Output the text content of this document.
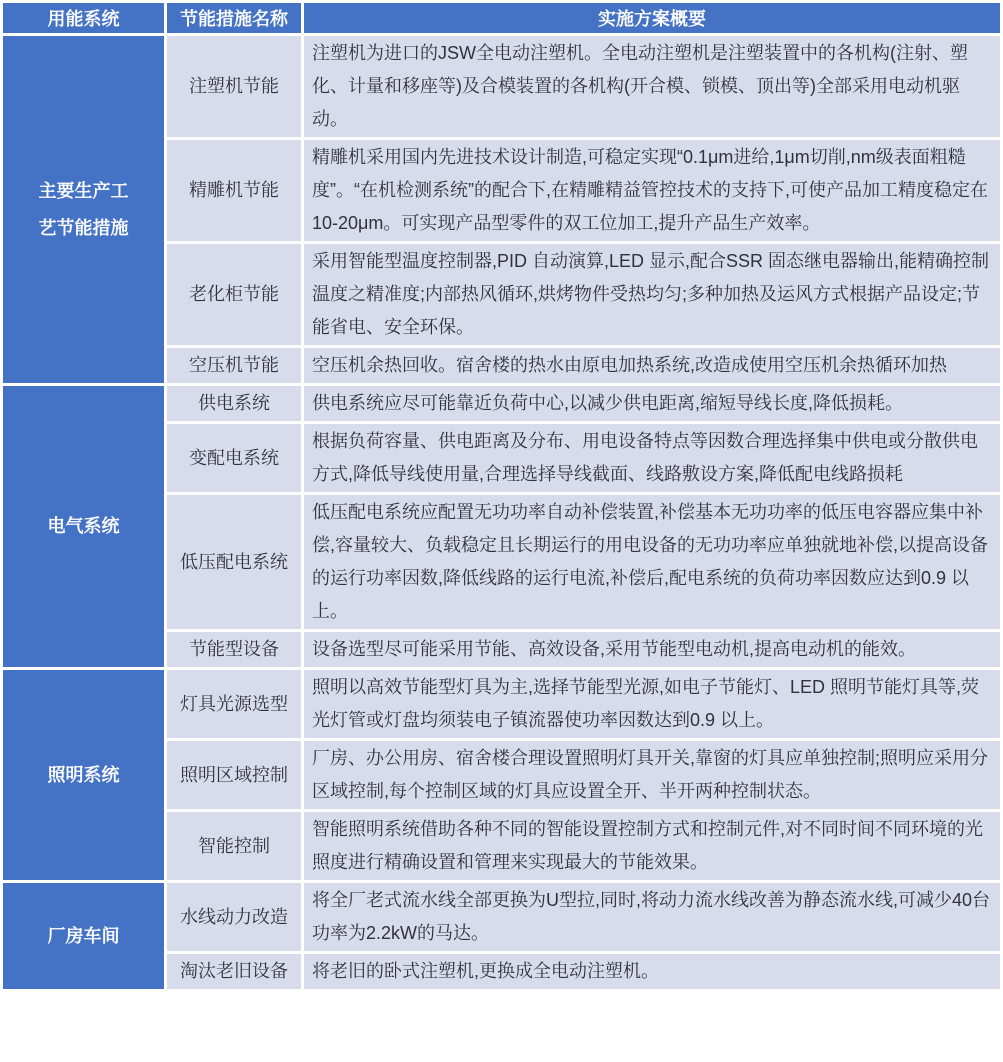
用能系统	节能措施名称	实施方案概要
主要生产工艺节能措施	注塑机节能	注塑机为进口的JSW全电动注塑机。全电动注塑机是注塑装置中的各机构(注射、塑化、计量和移座等)及合模装置的各机构(开合模、锁模、顶出等)全部采用电动机驱动。
	精雕机节能	精雕机采用国内先进技术设计制造,可稳定实现“0.1μm进给,1μm切削,nm级表面粗糙度”。“在机检测系统”的配合下,在精雕精益管控技术的支持下,可使产品加工精度稳定在10-20μm。可实现产品型零件的双工位加工,提升产品生产效率。
	老化柜节能	采用智能型温度控制器,PID 自动演算,LED 显示,配合SSR 固态继电器输出,能精确控制温度之精准度;内部热风循环,烘烤物件受热均匀;多种加热及运风方式根据产品设定;节能省电、安全环保。
	空压机节能	空压机余热回收。宿舍楼的热水由原电加热系统,改造成使用空压机余热循环加热
电气系统	供电系统	供电系统应尽可能靠近负荷中心,以减少供电距离,缩短导线长度,降低损耗。
	变配电系统	根据负荷容量、供电距离及分布、用电设备特点等因数合理选择集中供电或分散供电方式,降低导线使用量,合理选择导线截面、线路敷设方案,降低配电线路损耗
	低压配电系统	低压配电系统应配置无功功率自动补偿装置,补偿基本无功功率的低压电容器应集中补偿,容量较大、负载稳定且长期运行的用电设备的无功功率应单独就地补偿,以提高设备的运行功率因数,降低线路的运行电流,补偿后,配电系统的负荷功率因数应达到0.9 以上。
	节能型设备	设备选型尽可能采用节能、高效设备,采用节能型电动机,提高电动机的能效。
照明系统	灯具光源选型	照明以高效节能型灯具为主,选择节能型光源,如电子节能灯、LED 照明节能灯具等,荧光灯管或灯盘均须装电子镇流器使功率因数达到0.9 以上。
	照明区域控制	厂房、办公用房、宿舍楼合理设置照明灯具开关,靠窗的灯具应单独控制;照明应采用分区域控制,每个控制区域的灯具应设置全开、半开两种控制状态。
	智能控制	智能照明系统借助各种不同的智能设置控制方式和控制元件,对不同时间不同环境的光照度进行精确设置和管理来实现最大的节能效果。
厂房车间	水线动力改造	将全厂老式流水线全部更换为U型拉,同时,将动力流水线改善为静态流水线,可减少40台功率为2.2kW的马达。
	淘汰老旧设备	将老旧的卧式注塑机,更换成全电动注塑机。
